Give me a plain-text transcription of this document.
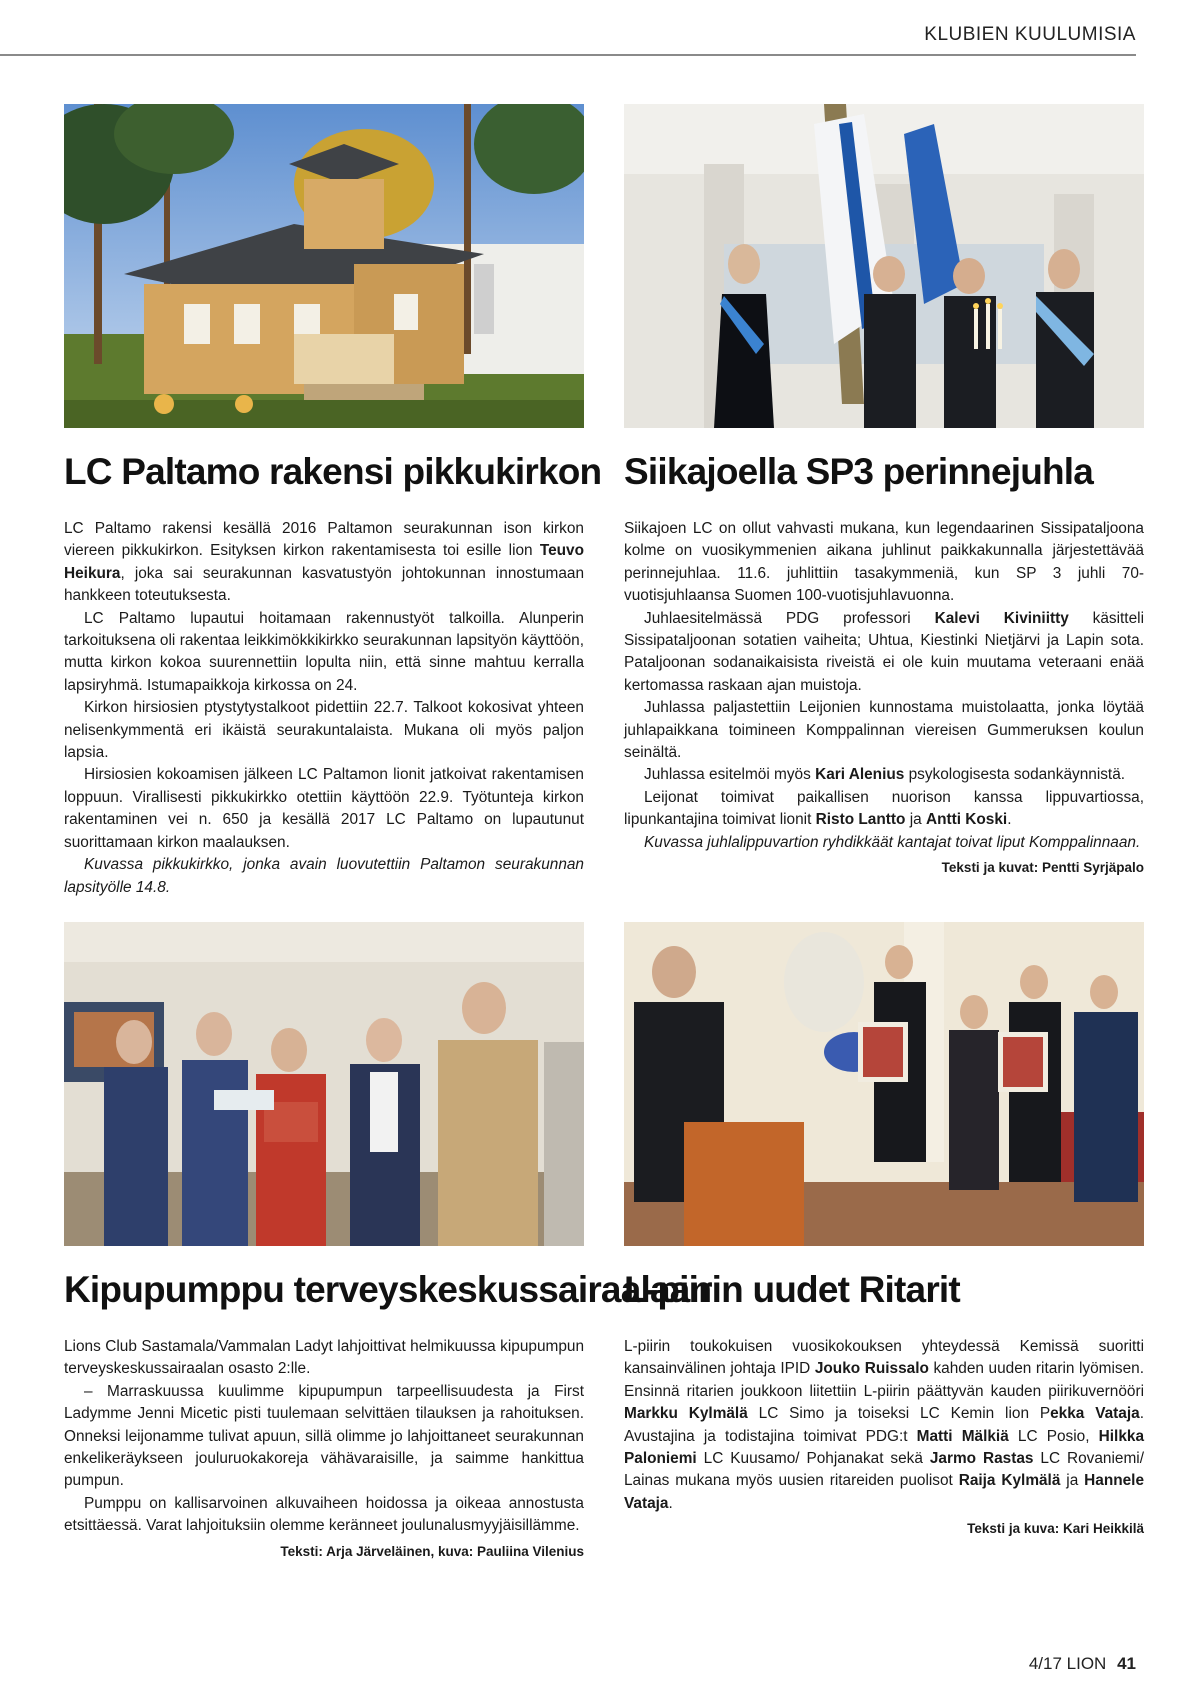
KLUBIEN KUULUMISIA
LC Paltamo rakensi pikkukirkon

LC Paltamo rakensi kesällä 2016 Paltamon seurakunnan ison kirkon viereen pikkukirkon. Esityksen kirkon rakentamisesta toi esille lion Teuvo Heikura, joka sai seurakunnan kasvatustyön johtokunnan innostumaan hankkeen toteutuksesta.

LC Paltamo lupautui hoitamaan rakennustyöt talkoilla. Alunperin tarkoituksena oli rakentaa leikkimökkikirkko seurakunnan lapsityön käyttöön, mutta kirkon kokoa suurennettiin lopulta niin, että sinne mahtuu kerralla lapsiryhmä. Istumapaikkoja kirkossa on 24.

Kirkon hirsiosien ptystytystalkoot pidettiin 22.7. Talkoot kokosivat yhteen nelisenkymmentä eri ikäistä seurakuntalaista. Mukana oli myös paljon lapsia.

Hirsiosien kokoamisen jälkeen LC Paltamon lionit jatkoivat rakentamisen loppuun. Virallisesti pikkukirkko otettiin käyttöön 22.9. Työtunteja kirkon rakentaminen vei n. 650 ja kesällä 2017 LC Paltamo on lupautunut suorittamaan kirkon maalauksen.

Kuvassa pikkukirkko, jonka avain luovutettiin Paltamon seurakunnan lapsityölle 14.8.

Siikajoella SP3 perinnejuhla

Siikajoen LC on ollut vahvasti mukana, kun legendaarinen Sissipataljoona kolme on vuosikymmenien aikana juhlinut paikkakunnalla järjestettävää perinnejuhlaa. 11.6. juhlittiin tasakymmeniä, kun SP 3 juhli 70-vuotisjuhlaansa Suomen 100-vuotisjuhlavuonna.

Juhlaesitelmässä PDG professori Kalevi Kiviniitty käsitteli Sissipataljoonan sotatien vaiheita; Uhtua, Kiestinki Nietjärvi ja Lapin sota. Pataljoonan sodanaikaisista riveistä ei ole kuin muutama veteraani enää kertomassa raskaan ajan muistoja.

Juhlassa paljastettiin Leijonien kunnostama muistolaatta, jonka löytää juhlapaikkana toimineen Komppalinnan viereisen Gummeruksen koulun seinältä.

Juhlassa esitelmöi myös Kari Alenius psykologisesta sodankäynnistä.

Leijonat toimivat paikallisen nuorison kanssa lippuvartiossa, lipunkantajina toimivat lionit Risto Lantto ja Antti Koski.

Kuvassa juhlalippuvartion ryhdikkäät kantajat toivat liput Komppalinnaan.

Teksti ja kuvat: Pentti Syrjäpalo
Kipupumppu terveyskeskussairaalaan

Lions Club Sastamala/Vammalan Ladyt lahjoittivat helmikuussa kipupumpun terveyskeskussairaalan osasto 2:lle.

– Marraskuussa kuulimme kipupumpun tarpeellisuudesta ja First Ladymme Jenni Micetic pisti tuulemaan selvittäen tilauksen ja rahoituksen. Onneksi leijonamme tulivat apuun, sillä olimme jo lahjoittaneet seurakunnan enkelikeräykseen jouluruokakoreja vähävaraisille, ja saimme hankittua pumpun.

Pumppu on kallisarvoinen alkuvaiheen hoidossa ja oikeaa annostusta etsittäessä. Varat lahjoituksiin olemme keränneet joulunalusmyyjäisillämme.

Teksti: Arja Järveläinen, kuva: Pauliina Vilenius
L-piirin uudet Ritarit

L-piirin toukokuisen vuosikokouksen yhteydessä Kemissä suoritti kansainvälinen johtaja IPID Jouko Ruissalo kahden uuden ritarin lyömisen. Ensinnä ritarien joukkoon liitettiin L-piirin päättyvän kauden piirikuvernööri Markku Kylmälä LC Simo ja toiseksi LC Kemin lion Pekka Vataja. Avustajina ja todistajina toimivat PDG:t Matti Mälkiä LC Posio, Hilkka Paloniemi LC Kuusamo/ Pohjanakat sekä Jarmo Rastas LC Rovaniemi/ Lainas mukana myös uusien ritareiden puolisot Raija Kylmälä ja Hannele Vataja.

Teksti ja kuva: Kari Heikkilä
4/17 LION 41
